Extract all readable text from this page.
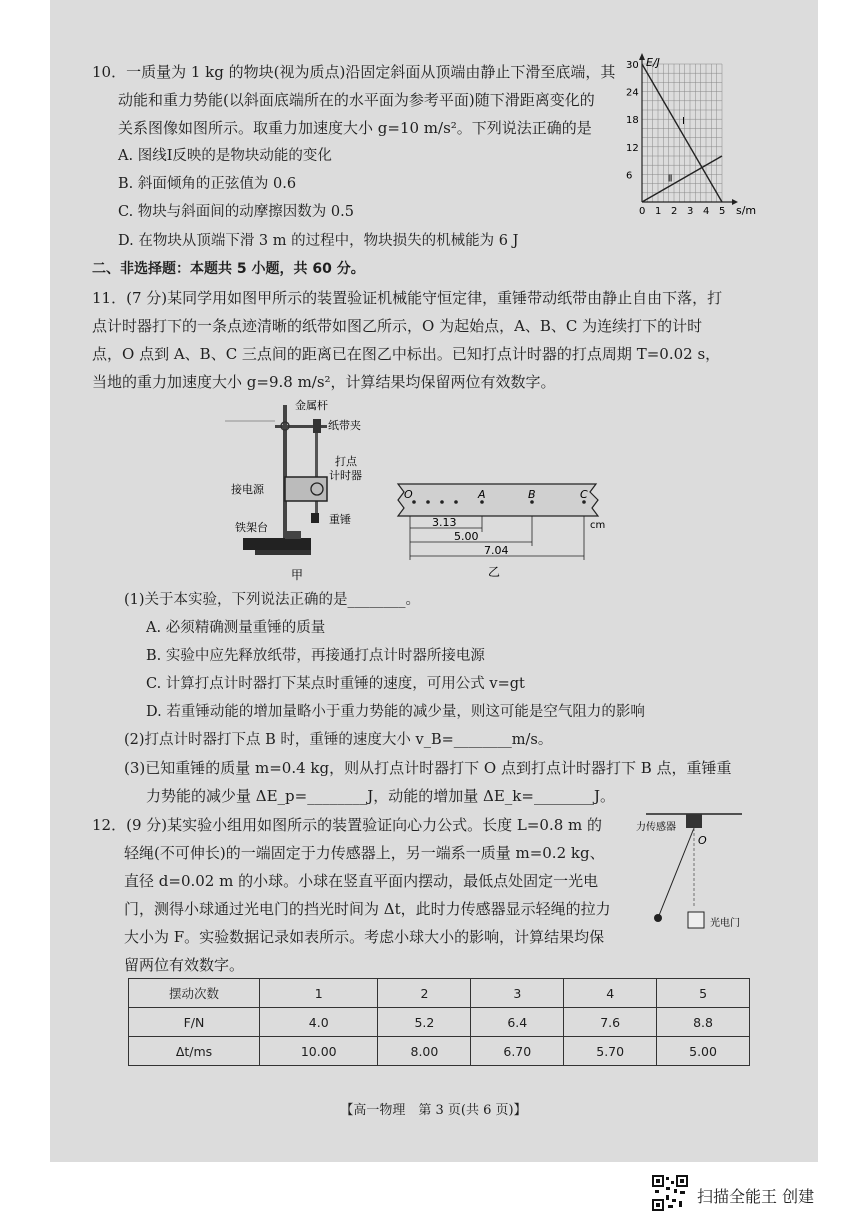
10．一质量为 1 kg 的物块(视为质点)沿固定斜面从顶端由静止下滑至底端，其
动能和重力势能(以斜面底端所在的水平面为参考平面)随下滑距离变化的
关系图像如图所示。取重力加速度大小 g=10 m/s²。下列说法正确的是
A. 图线Ⅰ反映的是物块动能的变化
B. 斜面倾角的正弦值为 0.6
C. 物块与斜面间的动摩擦因数为 0.5
D. 在物块从顶端下滑 3 m 的过程中，物块损失的机械能为 6 J
0 1 2 3 4 5
6
12
18
24
30
Ⅰ
Ⅱ
E/J
s/m
二、非选择题：本题共 5 小题，共 60 分。
11．(7 分)某同学用如图甲所示的装置验证机械能守恒定律，重锤带动纸带由静止自由下落，打
点计时器打下的一条点迹清晰的纸带如图乙所示，O 为起始点，A、B、C 为连续打下的计时
点，O 点到 A、B、C 三点间的距离已在图乙中标出。已知打点计时器的打点周期 T=0.02 s，
当地的重力加速度大小 g=9.8 m/s²，计算结果均保留两位有效数字。
金属杆
纸带夹
打点
计时器
接电源
重锤
铁架台
甲
O	A	B	C
3.13
5.00
7.04
cm
乙
(1)关于本实验，下列说法正确的是________。
A. 必须精确测量重锤的质量
B. 实验中应先释放纸带，再接通打点计时器所接电源
C. 计算打点计时器打下某点时重锤的速度，可用公式 v=gt
D. 若重锤动能的增加量略小于重力势能的减少量，则这可能是空气阻力的影响
(2)打点计时器打下点 B 时，重锤的速度大小 v_B=________m/s。
(3)已知重锤的质量 m=0.4 kg，则从打点计时器打下 O 点到打点计时器打下 B 点，重锤重
力势能的减少量 ΔE_p=________J，动能的增加量 ΔE_k=________J。
12．(9 分)某实验小组用如图所示的装置验证向心力公式。长度 L=0.8 m 的
轻绳(不可伸长)的一端固定于力传感器上，另一端系一质量 m=0.2 kg、
直径 d=0.02 m 的小球。小球在竖直平面内摆动，最低点处固定一光电
门，测得小球通过光电门的挡光时间为 Δt，此时力传感器显示轻绳的拉力
大小为 F。实验数据记录如表所示。考虑小球大小的影响，计算结果均保
留两位有效数字。
力传感器
O
光电门
摆动次数	1	2	3	4	5
F/N	4.0	5.2	6.4	7.6	8.8
Δt/ms	10.00	8.00	6.70	5.70	5.00
【高一物理　第 3 页(共 6 页)】
扫描全能王 创建
